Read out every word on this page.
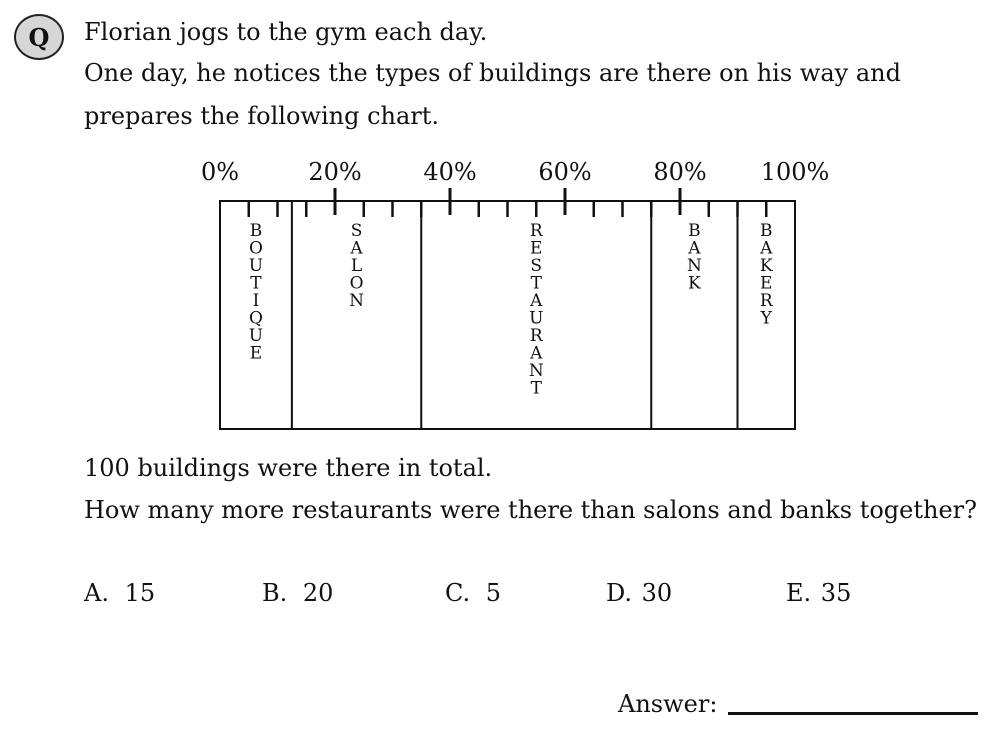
Q	Florian jogs to the gym each day.
One day, he notices the types of buildings are there on his way and
prepares the following chart.
0%	20%	40%	60%	80% 100%
B O U T I Q U E
S A L O N
R E S T A U R A N T
B A N K
B A K E R Y
100 buildings were there in total.
How many more restaurants were there than salons and banks together?
A. 15	B. 20	C. 5	D. 30	E. 35
Answer:
